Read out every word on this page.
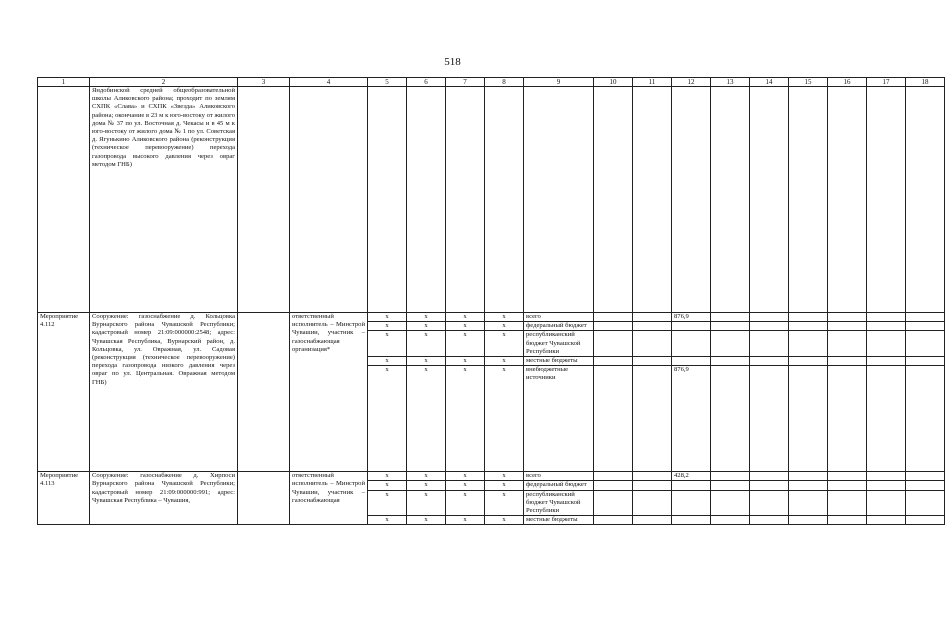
518
1	2	3	4	5	6	7	8	9	10	11	12	13	14	15	16	17	18
	Яндобинской средней общеобразовательной школы Аликовского района; проходит по землям СХПК «Слава» и СХПК «Звезда» Аликовского района; окончание в 23 м к юго-востоку от жилого дома № 37 по ул. Восточная д. Чекасы и в 45 м к юго-востоку от жилого дома № 1 по ул. Советская д. Ягунькино Аликовского района (реконструкция (техническое перевооружение) перехода газопровода высокого давления через овраг методом ГНБ)																
Мероприятие 4.112	Сооружение: газоснабжение д. Кольцовка Вурнарского района Чувашской Республики; кадастровый номер 21:09:000000:2548; адрес: Чувашская Республика, Вурнарский район, д. Кольцовка, ул. Овражная, ул. Садовая (реконструкция (техническое перевооружение) перехода газопровода низкого давления через овраг по ул. Центральная. Овражная методом ГНБ)		ответственный исполнитель – Минстрой Чувашии, участник – газоснабжающая организация*	х	х	х	х	всего			876,9						
				х	х	х	х	федеральный бюджет									
				х	х	х	х	республиканский бюджет Чувашской Республики									
				х	х	х	х	местные бюджеты									
				х	х	х	х	внебюджетные источники			876,9						
Мероприятие 4.113	Сооружение: газоснабжение д. Хирпоси Вурнарского района Чувашской Республики; кадастровый номер 21:09:000000:991; адрес: Чувашская Республика – Чувашия,		ответственный исполнитель – Минстрой Чувашии, участник – газоснабжающая	х	х	х	х	всего			428,2						
				х	х	х	х	федеральный бюджет									
				х	х	х	х	республиканский бюджет Чувашской Республики									
				х	х	х	х	местные бюджеты									
